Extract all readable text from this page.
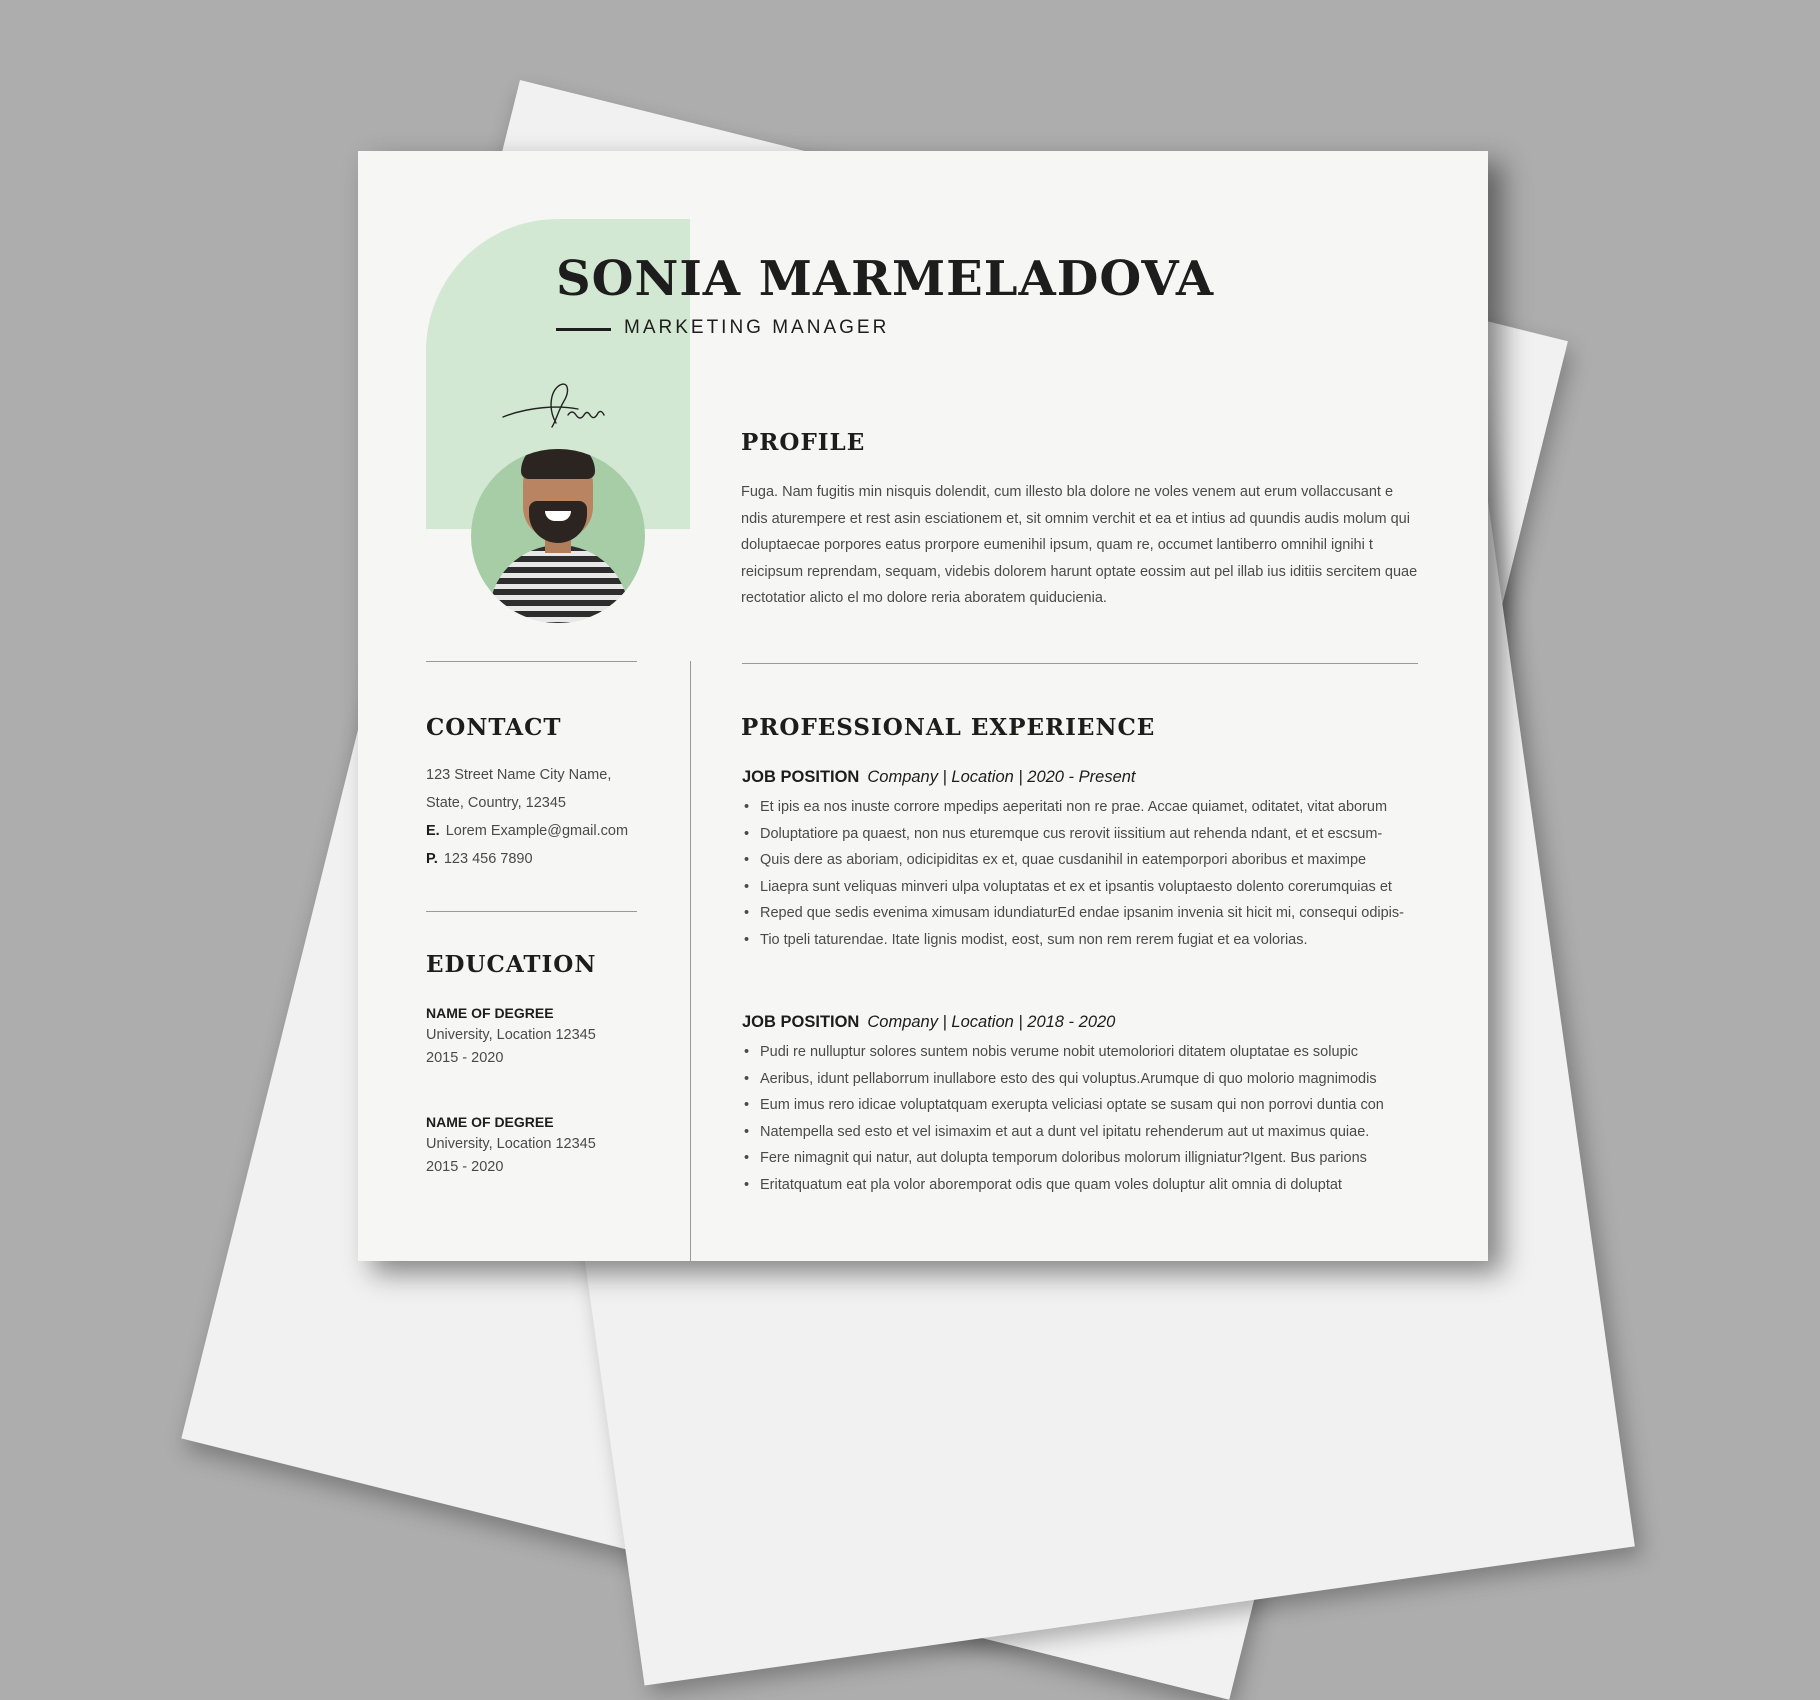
SONIA MARMELADOVA
MARKETING MANAGER
PROFILE

Fuga. Nam fugitis min nisquis dolendit, cum illesto bla dolore ne voles venem aut erum vollaccusant e ndis aturempere et rest asin esciationem et, sit omnim verchit et ea et intius ad quundis audis molum qui doluptaecae porpores eatus prorpore eumenihil ipsum, quam re, occumet lantiberro omnihil ignihi t reicipsum reprendam, sequam, videbis dolorem harunt optate eossim aut pel illab ius iditiis sercitem quae rectotatior alicto el mo dolore reria aboratem quiducienia.

CONTACT
123 Street Name City Name,
State, Country, 12345
E. Lorem Example@gmail.com
P. 123 456 7890
EDUCATION
NAME OF DEGREE
University, Location 12345
2015 - 2020
NAME OF DEGREE
University, Location 12345
2015 - 2020
PROFESSIONAL EXPERIENCE
JOB POSITION Company | Location | 2020 - Present
• Et ipis ea nos inuste corrore mpedips aeperitati non re prae. Accae quiamet, oditatet, vitat aborum
• Doluptatiore pa quaest, non nus eturemque cus rerovit iissitium aut rehenda ndant, et et escsum-
• Quis dere as aboriam, odicipiditas ex et, quae cusdanihil in eatemporpori aboribus et maximpe
• Liaepra sunt veliquas minveri ulpa voluptatas et ex et ipsantis voluptaesto dolento corerumquias et
• Reped que sedis evenima ximusam idundiaturEd endae ipsanim invenia sit hicit mi, consequi odipis-
• Tio tpeli taturendae. Itate lignis modist, eost, sum non rem rerem fugiat et ea volorias.
JOB POSITION Company | Location | 2018 - 2020
• Pudi re nulluptur solores suntem nobis verume nobit utemoloriori ditatem oluptatae es solupic
• Aeribus, idunt pellaborrum inullabore esto des qui voluptus.Arumque di quo molorio magnimodis
• Eum imus rero idicae voluptatquam exerupta veliciasi optate se susam qui non porrovi duntia con
• Natempella sed esto et vel isimaxim et aut a dunt vel ipitatu rehenderum aut ut maximus quiae.
• Fere nimagnit qui natur, aut dolupta temporum doloribus molorum illigniatur?Igent. Bus parions
• Eritatquatum eat pla volor aboremporat odis que quam voles doluptur alit omnia di doluptat
